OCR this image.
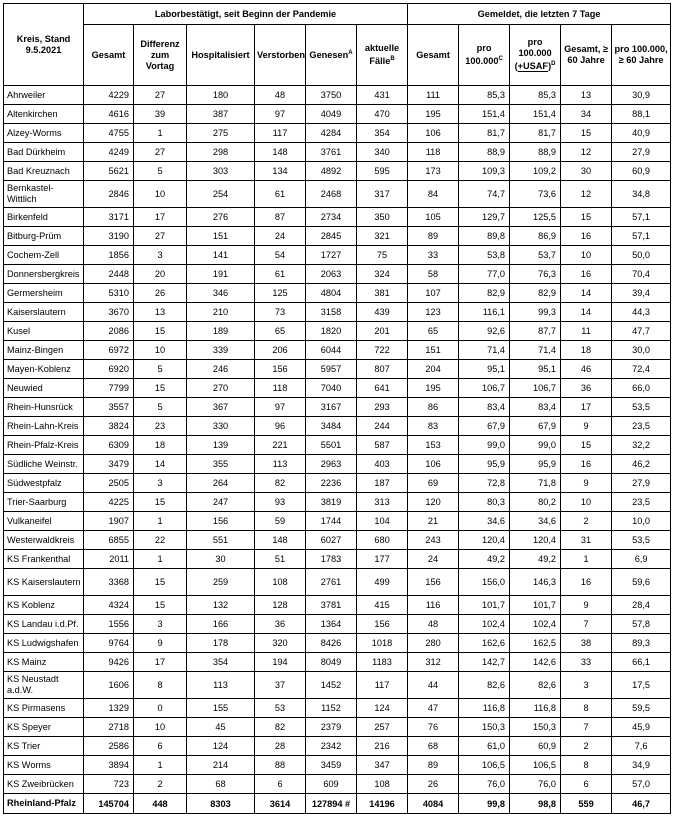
Kreis, Stand 9.5.2021	Laborbestätigt, seit Beginn der Pandemie						Gemeldet, die letzten 7 Tage				
	Gesamt	Differenz zum Vortag	Hospitalisiert	Verstorben	Genesen$^A$	aktuelle Fälle$^B$	Gesamt	pro $100.000^C$	pro 100.000 (+USAF)$^D$	Gesamt, ≥ 60 Jahre	pro 100.000, ≥ 60 Jahre
Ahrweiler	4229	27	180	48	3750	431	111	85,3	85,3	13	30,9
Altenkirchen	4616	39	387	97	4049	470	195	151,4	151,4	34	88,1
Alzey-Worms	4755	1	275	117	4284	354	106	81,7	81,7	15	40,9
Bad Dürkheim	4249	27	298	148	3761	340	118	88,9	88,9	12	27,9
Bad Kreuznach	5621	5	303	134	4892	595	173	109,3	109,2	30	60,9
Bernkastel-Wittlich	2846	10	254	61	2468	317	84	74,7	73,6	12	34,8
Birkenfeld	3171	17	276	87	2734	350	105	129,7	125,5	15	57,1
Bitburg-Prüm	3190	27	151	24	2845	321	89	89,8	86,9	16	57,1
Cochem-Zell	1856	3	141	54	1727	75	33	53,8	53,7	10	50,0
Donnersbergkreis	2448	20	191	61	2063	324	58	77,0	76,3	16	70,4
Germersheim	5310	26	346	125	4804	381	107	82,9	82,9	14	39,4
Kaiserslautern	3670	13	210	73	3158	439	123	116,1	99,3	14	44,3
Kusel	2086	15	189	65	1820	201	65	92,6	87,7	11	47,7
Mainz-Bingen	6972	10	339	206	6044	722	151	71,4	71,4	18	30,0
Mayen-Koblenz	6920	5	246	156	5957	807	204	95,1	95,1	46	72,4
Neuwied	7799	15	270	118	7040	641	195	106,7	106,7	36	66,0
Rhein-Hunsrück	3557	5	367	97	3167	293	86	83,4	83,4	17	53,5
Rhein-Lahn-Kreis	3824	23	330	96	3484	244	83	67,9	67,9	9	23,5
Rhein-Pfalz-Kreis	6309	18	139	221	5501	587	153	99,0	99,0	15	32,2
Südliche Weinstr.	3479	14	355	113	2963	403	106	95,9	95,9	16	46,2
Südwestpfalz	2505	3	264	82	2236	187	69	72,8	71,8	9	27,9
Trier-Saarburg	4225	15	247	93	3819	313	120	80,3	80,2	10	23,5
Vulkaneifel	1907	1	156	59	1744	104	21	34,6	34,6	2	10,0
Westerwaldkreis	6855	22	551	148	6027	680	243	120,4	120,4	31	53,5
KS Frankenthal	2011	1	30	51	1783	177	24	49,2	49,2	1	6,9
KS Kaiserslautern	3368	15	259	108	2761	499	156	156,0	146,3	16	59,6
KS Koblenz	4324	15	132	128	3781	415	116	101,7	101,7	9	28,4
KS Landau i.d.Pf.	1556	3	166	36	1364	156	48	102,4	102,4	7	57,8
KS Ludwigshafen	9764	9	178	320	8426	1018	280	162,6	162,5	38	89,3
KS Mainz	9426	17	354	194	8049	1183	312	142,7	142,6	33	66,1
KS Neustadt a.d.W.	1606	8	113	37	1452	117	44	82,6	82,6	3	17,5
KS Pirmasens	1329	0	155	53	1152	124	47	116,8	116,8	8	59,5
KS Speyer	2718	10	45	82	2379	257	76	150,3	150,3	7	45,9
KS Trier	2586	6	124	28	2342	216	68	61,0	60,9	2	7,6
KS Worms	3894	1	214	88	3459	347	89	106,5	106,5	8	34,9
KS Zweibrücken	723	2	68	6	609	108	26	76,0	76,0	6	57,0
Rheinland-Pfalz	145704	448	8303	3614	127894 #	14196	4084	99,8	98,8	559	46,7
